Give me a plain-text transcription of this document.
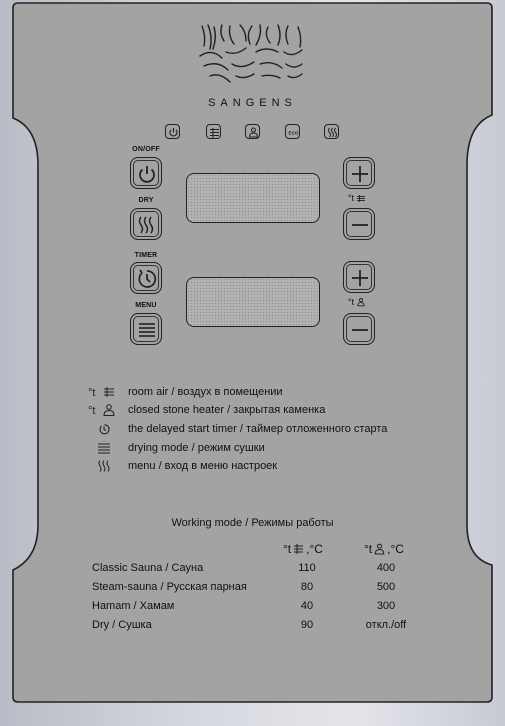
SANGENS
ECO
ON/OFF
DRY
TIMER
MENU
°t
°t
°t	room air / воздух в помещении
°t	closed stone heater / закрытая каменка
the delayed start timer / таймер отложенного старта
drying mode / режим сушки
menu / вход в меню настроек
Working mode / Режимы работы
°t ,°C	°t ,°C
Classic Sauna / Сауна	110	400
Steam-sauna / Русская парная	80	500
Hamam / Хамам	40	300
Dry / Сушка	90	откл./off
